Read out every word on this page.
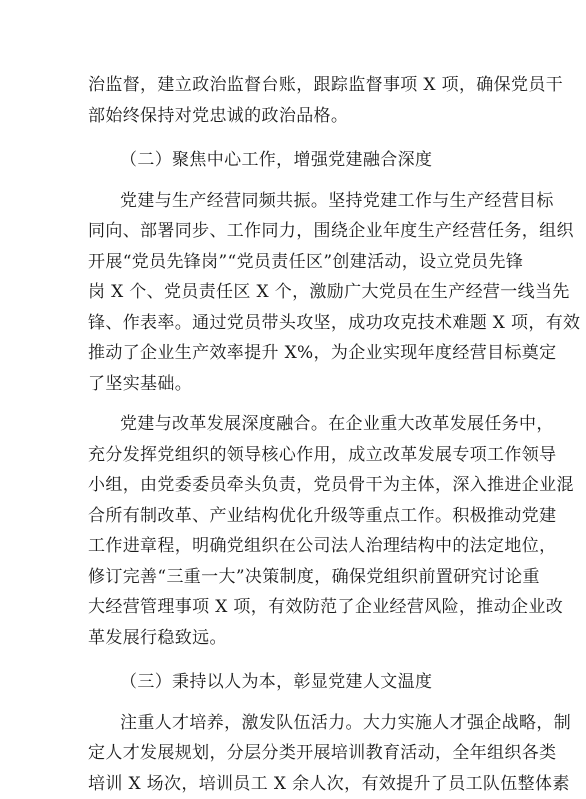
治监督，建立政治监督台账，跟踪监督事项 X 项，确保党员干
部始终保持对党忠诚的政治品格。
（二）聚焦中心工作，增强党建融合深度
党建与生产经营同频共振。坚持党建工作与生产经营目标
同向、部署同步、工作同力，围绕企业年度生产经营任务，组织
开展“党员先锋岗”“党员责任区”创建活动，设立党员先锋
岗 X 个、党员责任区 X 个，激励广大党员在生产经营一线当先
锋、作表率。通过党员带头攻坚，成功攻克技术难题 X 项，有效
推动了企业生产效率提升 X%，为企业实现年度经营目标奠定
了坚实基础。
党建与改革发展深度融合。在企业重大改革发展任务中，
充分发挥党组织的领导核心作用，成立改革发展专项工作领导
小组，由党委委员牵头负责，党员骨干为主体，深入推进企业混
合所有制改革、产业结构优化升级等重点工作。积极推动党建
工作进章程，明确党组织在公司法人治理结构中的法定地位，
修订完善“三重一大”决策制度，确保党组织前置研究讨论重
大经营管理事项 X 项，有效防范了企业经营风险，推动企业改
革发展行稳致远。
（三）秉持以人为本，彰显党建人文温度
注重人才培养，激发队伍活力。大力实施人才强企战略，制
定人才发展规划，分层分类开展培训教育活动，全年组织各类
培训 X 场次，培训员工 X 余人次，有效提升了员工队伍整体素
